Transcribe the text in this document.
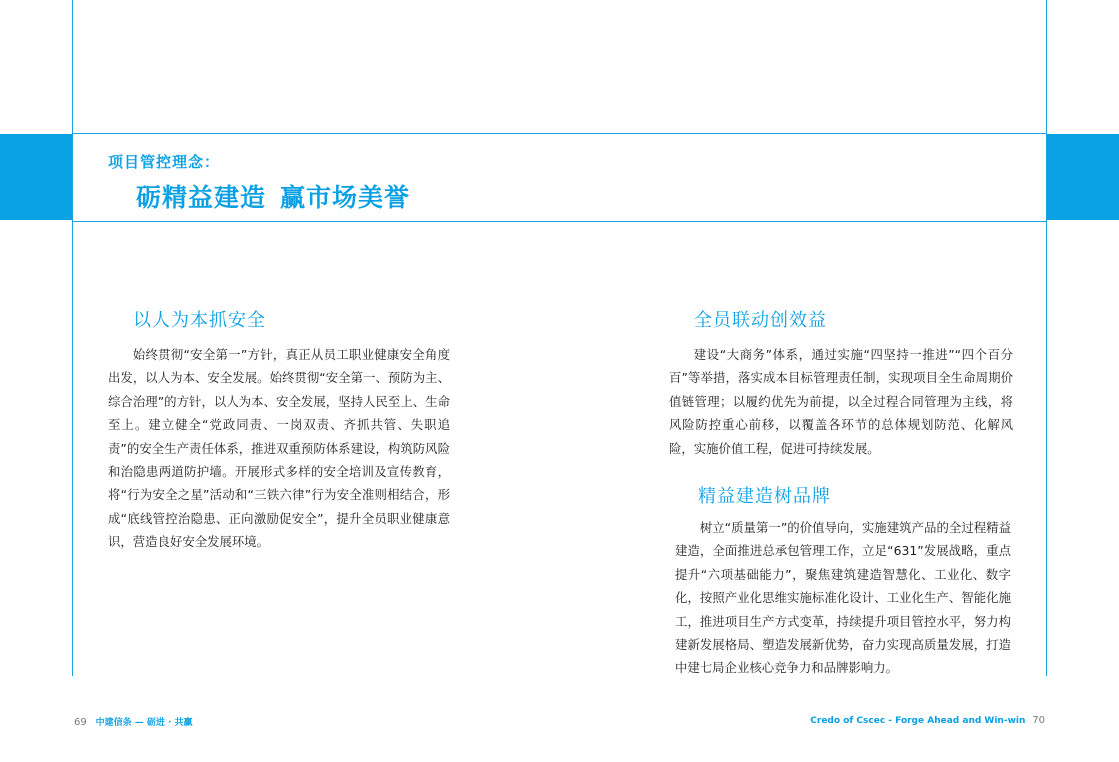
项目管控理念：
砺精益建造 赢市场美誉
以人为本抓安全

始终贯彻“安全第一”方针，真正从员工职业健康安全角度出发，以人为本、安全发展。始终贯彻“安全第一、预防为主、综合治理”的方针，以人为本、安全发展，坚持人民至上、生命至上。建立健全“党政同责、一岗双责、齐抓共管、失职追责”的安全生产责任体系，推进双重预防体系建设，构筑防风险和治隐患两道防护墙。开展形式多样的安全培训及宣传教育，将“行为安全之星”活动和“三铁六律”行为安全准则相结合，形成“底线管控治隐患、正向激励促安全”，提升全员职业健康意识，营造良好安全发展环境。

全员联动创效益

建设“大商务”体系，通过实施“四坚持一推进”“四个百分百”等举措，落实成本目标管理责任制，实现项目全生命周期价值链管理；以履约优先为前提，以全过程合同管理为主线，将风险防控重心前移，以覆盖各环节的总体规划防范、化解风险，实施价值工程，促进可持续发展。

精益建造树品牌

树立“质量第一”的价值导向，实施建筑产品的全过程精益建造，全面推进总承包管理工作，立足“631”发展战略，重点提升“六项基础能力”，聚焦建筑建造智慧化、工业化、数字化，按照产业化思维实施标准化设计、工业化生产、智能化施工，推进项目生产方式变革，持续提升项目管控水平，努力构建新发展格局、塑造发展新优势，奋力实现高质量发展，打造中建七局企业核心竞争力和品牌影响力。

69 中建信条 — 砺进 · 共赢	Credo of Cscec - Forge Ahead and Win-win 70
